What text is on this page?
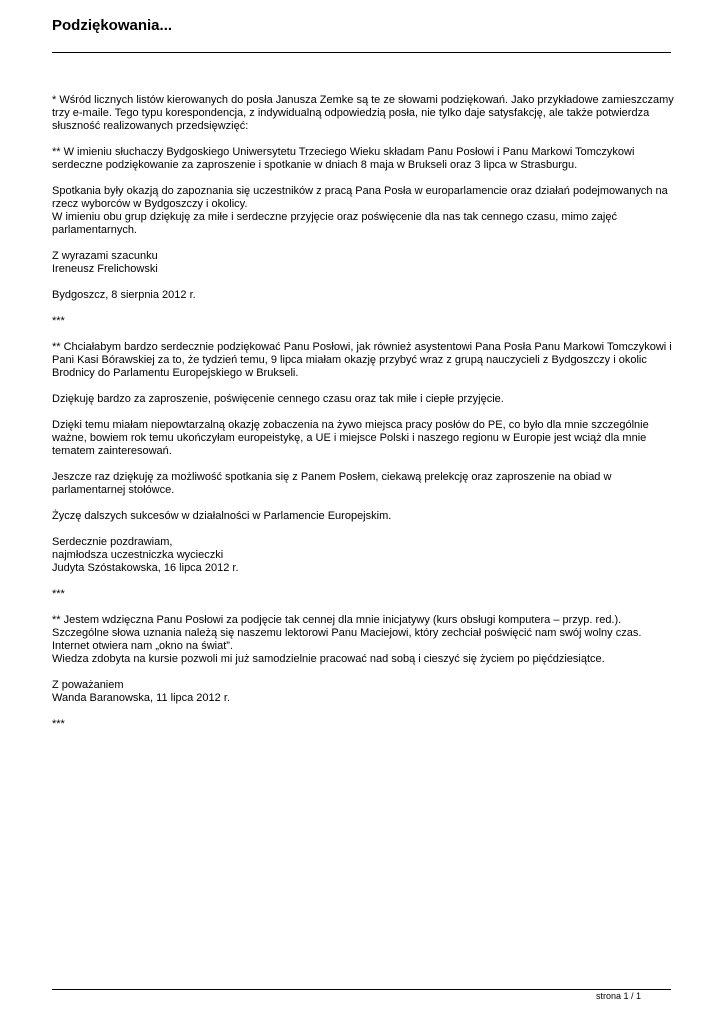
Podziękowania...

* Wśród licznych listów kierowanych do posła Janusza Zemke są te ze słowami podziękowań. Jako przykładowe zamieszczamy trzy e-maile. Tego typu korespondencja, z indywidualną odpowiedzią posła, nie tylko daje satysfakcję, ale także potwierdza słuszność realizowanych przedsięwzięć:

** W imieniu słuchaczy Bydgoskiego Uniwersytetu Trzeciego Wieku składam Panu Posłowi i Panu Markowi Tomczykowi serdeczne podziękowanie za zaproszenie i spotkanie w dniach 8 maja w Brukseli oraz 3 lipca w Strasburgu.

Spotkania były okazją do zapoznania się uczestników z pracą Pana Posła w europarlamencie oraz działań podejmowanych na rzecz wyborców w Bydgoszczy i okolicy.
W imieniu obu grup dziękuję za miłe i serdeczne przyjęcie oraz poświęcenie dla nas tak cennego czasu, mimo zajęć parlamentarnych.

Z wyrazami szacunku
Ireneusz Frelichowski

Bydgoszcz, 8 sierpnia 2012 r.

***

** Chciałabym bardzo serdecznie podziękować Panu Posłowi, jak również asystentowi Pana Posła Panu Markowi Tomczykowi i Pani Kasi Bórawskiej za to, że tydzień temu, 9 lipca miałam okazję przybyć wraz z grupą nauczycieli z Bydgoszczy i okolic Brodnicy do Parlamentu Europejskiego w Brukseli.

Dziękuję bardzo za zaproszenie, poświęcenie cennego czasu oraz tak miłe i ciepłe przyjęcie.

Dzięki temu miałam niepowtarzalną okazję zobaczenia na żywo miejsca pracy posłów do PE, co było dla mnie szczególnie ważne, bowiem rok temu ukończyłam europeistykę, a UE i miejsce Polski i naszego regionu w Europie jest wciąż dla mnie tematem zainteresowań.

Jeszcze raz dziękuję za możliwość spotkania się z Panem Posłem, ciekawą prelekcję oraz zaproszenie na obiad w parlamentarnej stołówce.

Życzę dalszych sukcesów w działalności w Parlamencie Europejskim.

Serdecznie pozdrawiam,
najmłodsza uczestniczka wycieczki
Judyta Szóstakowska, 16 lipca 2012 r.

***

** Jestem wdzięczna Panu Posłowi za podjęcie tak cennej dla mnie inicjatywy (kurs obsługi komputera – przyp. red.).
Szczególne słowa uznania należą się naszemu lektorowi Panu Maciejowi, który zechciał poświęcić nam swój wolny czas.
Internet otwiera nam „okno na świat”.
Wiedza zdobyta na kursie pozwoli mi już samodzielnie pracować nad sobą i cieszyć się życiem po pięćdziesiątce.

Z poważaniem
Wanda Baranowska, 11 lipca 2012 r.

***

strona 1 / 1
